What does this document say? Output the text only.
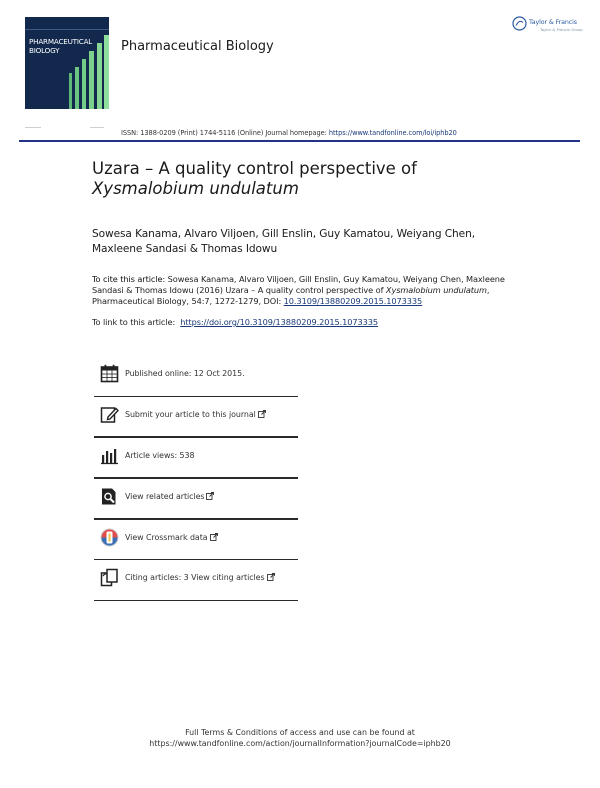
PHARMACEUTICAL
BIOLOGY	Pharmaceutical Biology
Taylor & Francis
Taylor & Francis Group
ISSN: 1388-0209 (Print) 1744-5116 (Online) Journal homepage: https://www.tandfonline.com/loi/iphb20
Uzara – A quality control perspective of
Xysmalobium undulatum
Sowesa Kanama, Alvaro Viljoen, Gill Enslin, Guy Kamatou, Weiyang Chen,
Maxleene Sandasi & Thomas Idowu
To cite this article: Sowesa Kanama, Alvaro Viljoen, Gill Enslin, Guy Kamatou, Weiyang Chen, Maxleene Sandasi & Thomas Idowu (2016) Uzara – A quality control perspective of Xysmalobium undulatum, Pharmaceutical Biology, 54:7, 1272-1279, DOI: 10.3109/13880209.2015.1073335
To link to this article: https://doi.org/10.3109/13880209.2015.1073335
Published online: 12 Oct 2015.
Submit your article to this journal
Article views: 538
View related articles
View Crossmark data
Citing articles: 3 View citing articles
Full Terms & Conditions of access and use can be found at
https://www.tandfonline.com/action/journalInformation?journalCode=iphb20
